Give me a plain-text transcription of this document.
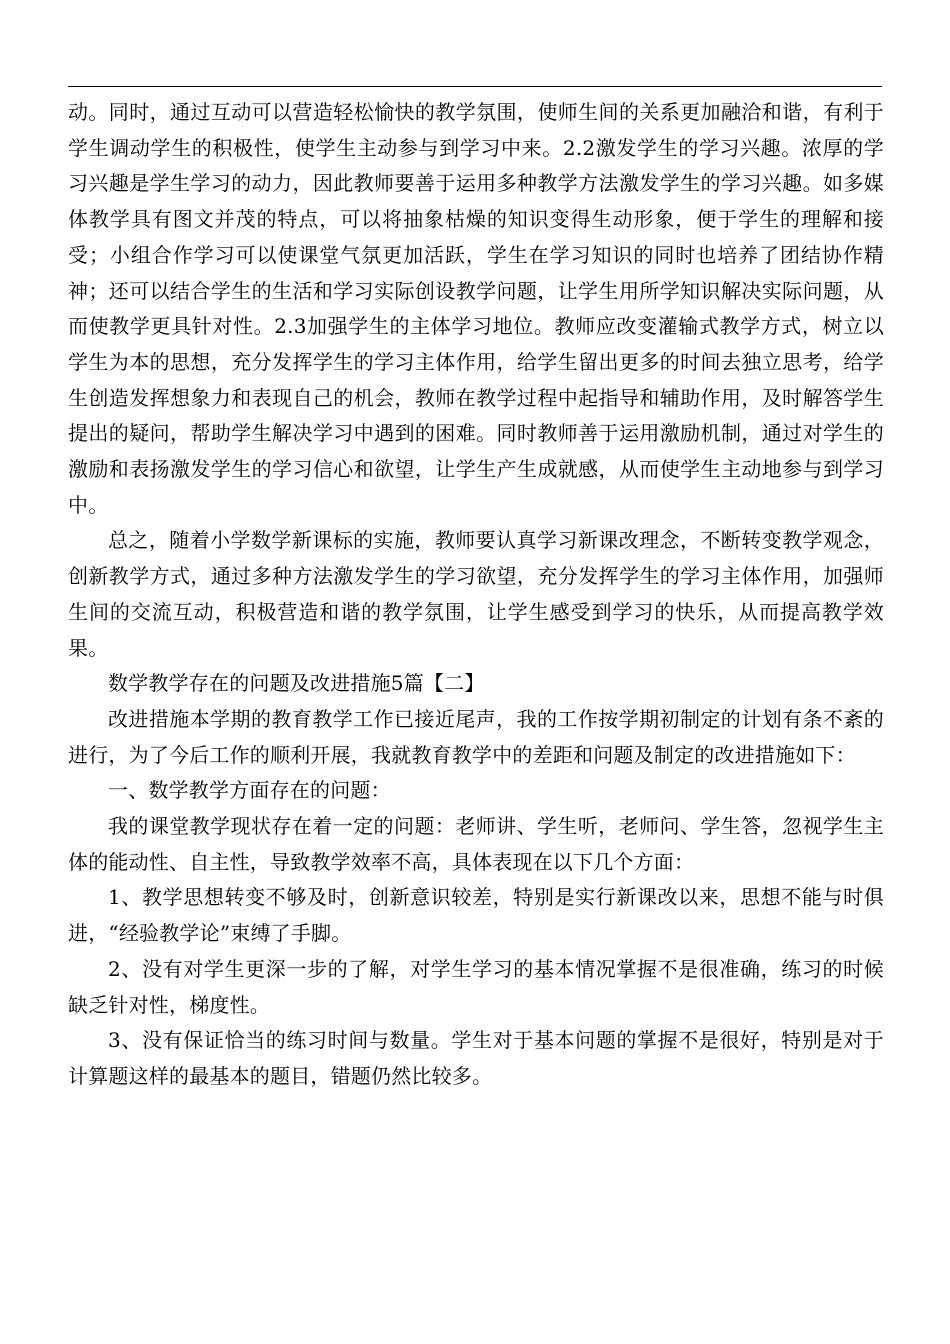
动。同时，通过互动可以营造轻松愉快的教学氛围，使师生间的关系更加融洽和谐，有利于学生调动学生的积极性，使学生主动参与到学习中来。2.2激发学生的学习兴趣。浓厚的学习兴趣是学生学习的动力，因此教师要善于运用多种教学方法激发学生的学习兴趣。如多媒体教学具有图文并茂的特点，可以将抽象枯燥的知识变得生动形象，便于学生的理解和接受；小组合作学习可以使课堂气氛更加活跃，学生在学习知识的同时也培养了团结协作精神；还可以结合学生的生活和学习实际创设教学问题，让学生用所学知识解决实际问题，从而使教学更具针对性。2.3加强学生的主体学习地位。教师应改变灌输式教学方式，树立以学生为本的思想，充分发挥学生的学习主体作用，给学生留出更多的时间去独立思考，给学生创造发挥想象力和表现自己的机会，教师在教学过程中起指导和辅助作用，及时解答学生提出的疑问，帮助学生解决学习中遇到的困难。同时教师善于运用激励机制，通过对学生的激励和表扬激发学生的学习信心和欲望，让学生产生成就感，从而使学生主动地参与到学习中。

总之，随着小学数学新课标的实施，教师要认真学习新课改理念，不断转变教学观念，创新教学方式，通过多种方法激发学生的学习欲望，充分发挥学生的学习主体作用，加强师生间的交流互动，积极营造和谐的教学氛围，让学生感受到学习的快乐，从而提高教学效果。

数学教学存在的问题及改进措施5篇【二】

改进措施本学期的教育教学工作已接近尾声，我的工作按学期初制定的计划有条不紊的进行，为了今后工作的顺利开展，我就教育教学中的差距和问题及制定的改进措施如下：

一、数学教学方面存在的问题：

我的课堂教学现状存在着一定的问题：老师讲、学生听，老师问、学生答，忽视学生主体的能动性、自主性，导致教学效率不高，具体表现在以下几个方面：

1、教学思想转变不够及时，创新意识较差，特别是实行新课改以来，思想不能与时俱进，“经验教学论”束缚了手脚。

2、没有对学生更深一步的了解，对学生学习的基本情况掌握不是很准确，练习的时候缺乏针对性，梯度性。

3、没有保证恰当的练习时间与数量。学生对于基本问题的掌握不是很好，特别是对于计算题这样的最基本的题目，错题仍然比较多。
